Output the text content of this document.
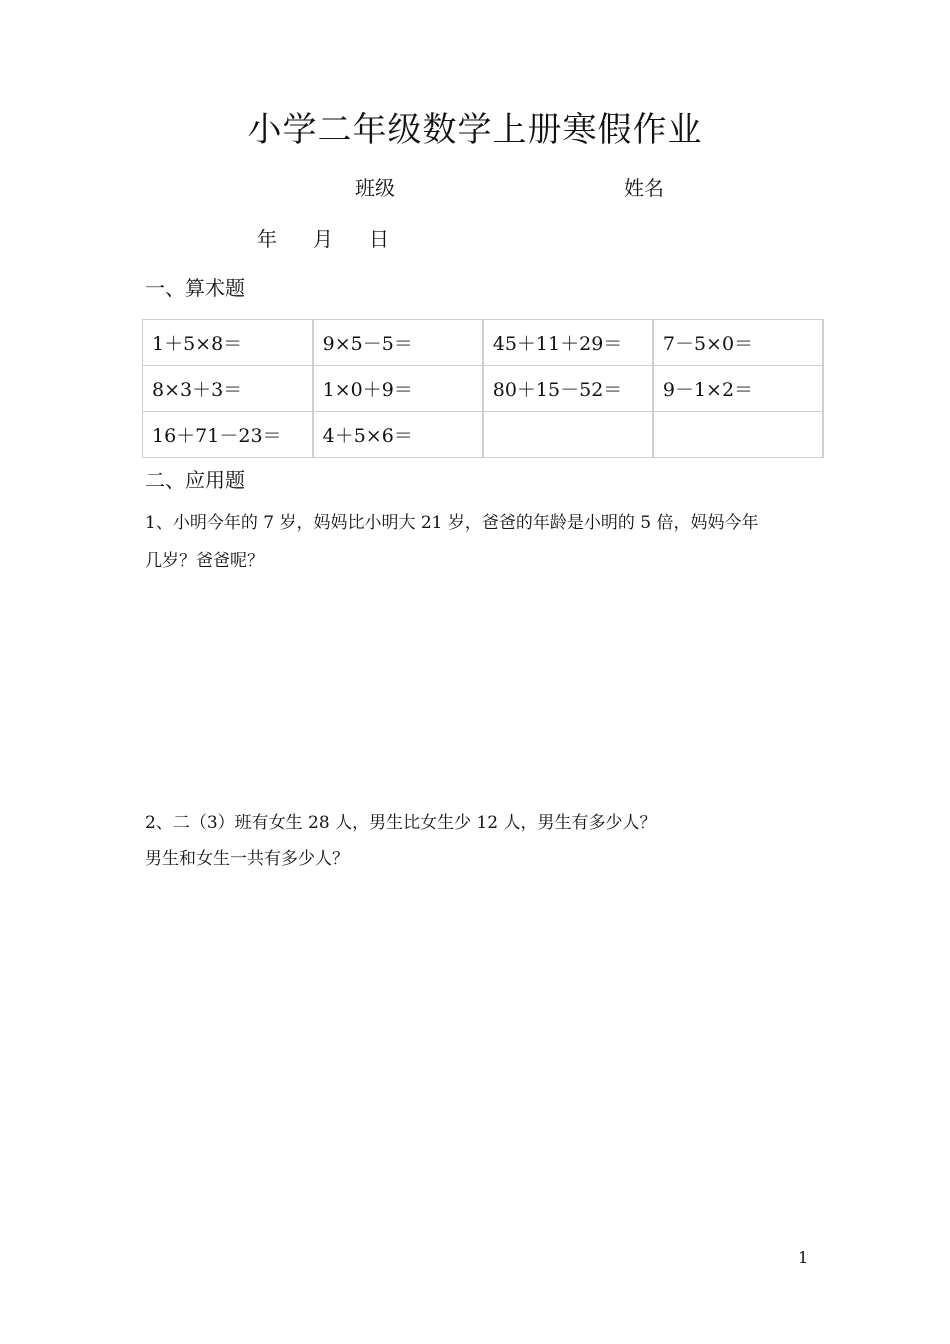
小学二年级数学上册寒假作业
班级	姓名
年 月 日
一、算术题
1＋5×8＝	9×5－5＝	45＋11＋29＝	7－5×0＝
8×3＋3＝	1×0＋9＝	80＋15－52＝	9－1×2＝
16＋71－23＝	4＋5×6＝		
二、应用题
1、小明今年的 7 岁，妈妈比小明大 21 岁，爸爸的年龄是小明的 5 倍，妈妈今年
几岁？爸爸呢？
2、二（3）班有女生 28 人，男生比女生少 12 人，男生有多少人？
男生和女生一共有多少人？
1
